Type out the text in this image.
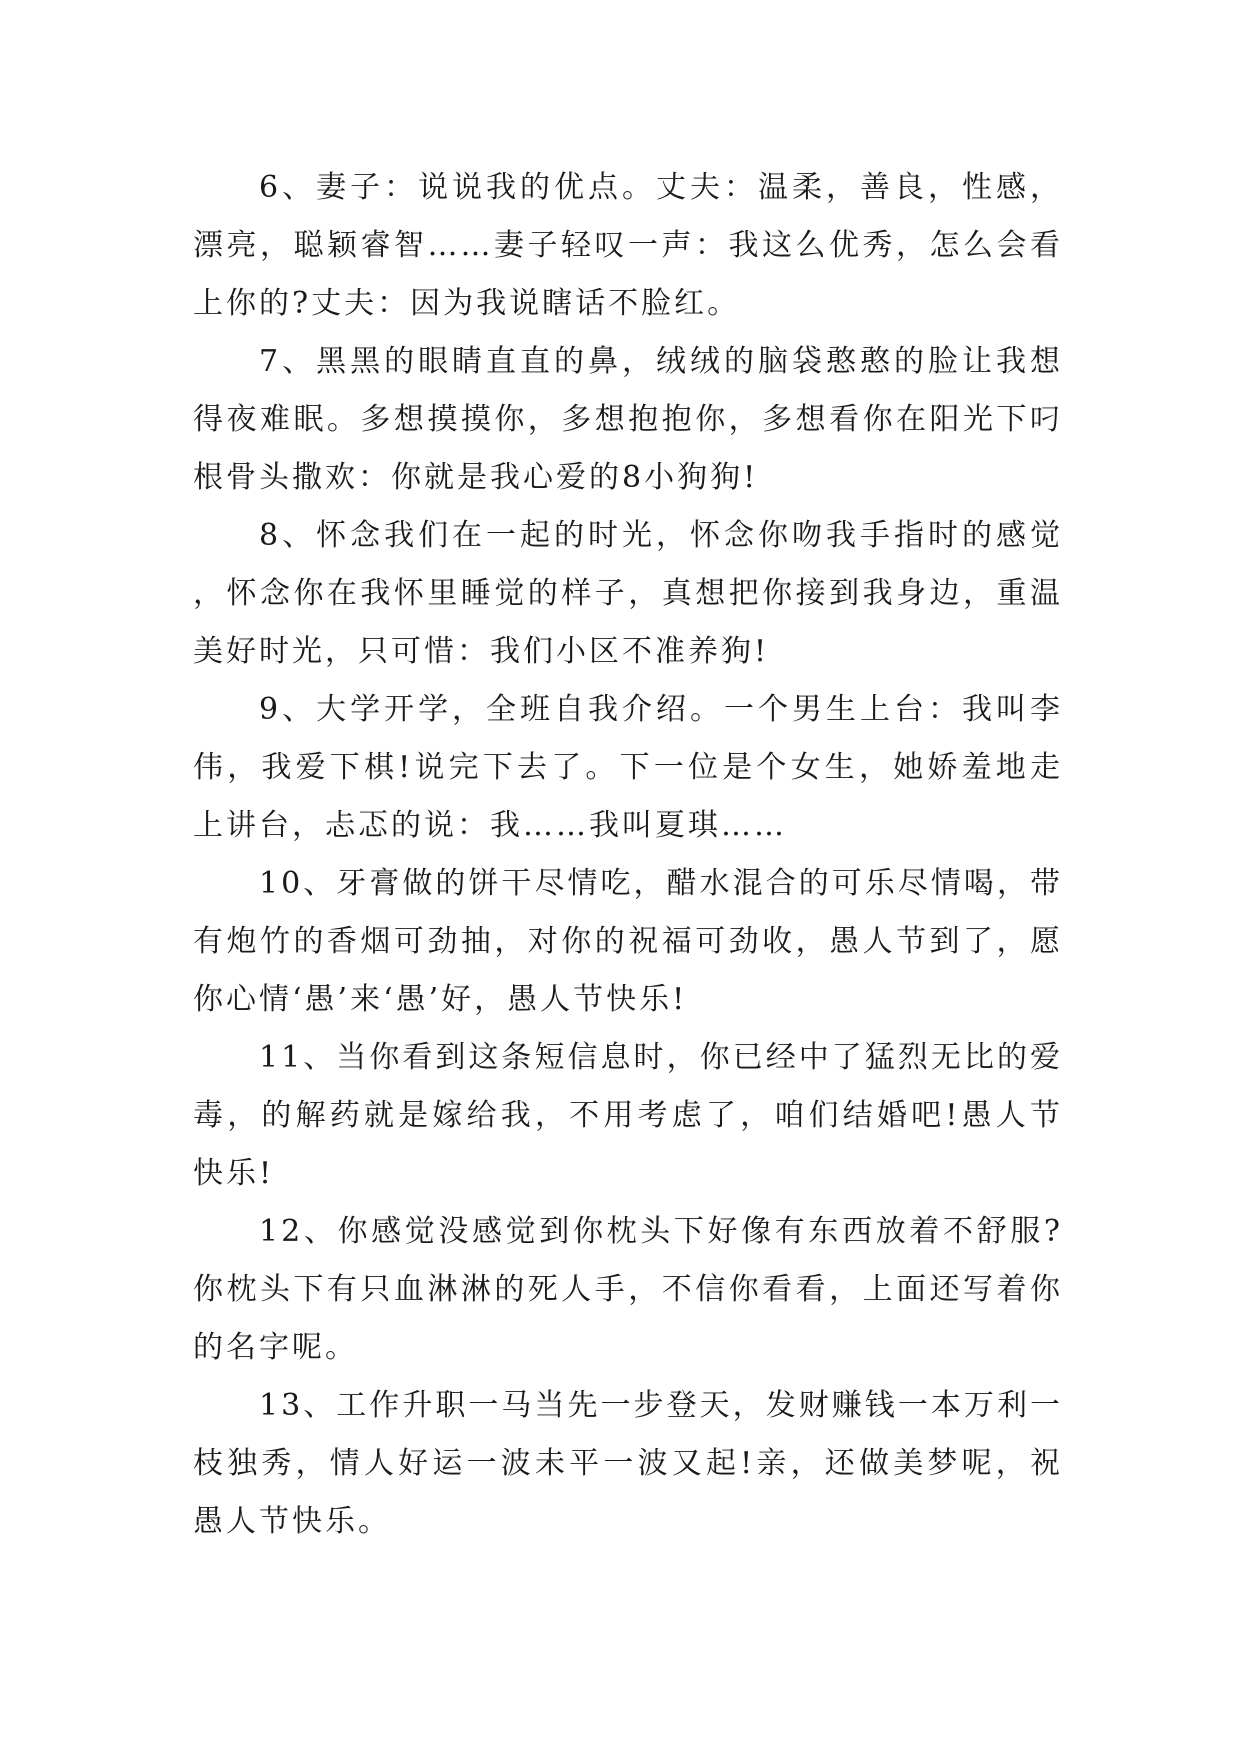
6、妻子：说说我的优点。丈夫：温柔，善良，性感，漂亮，聪颖睿智……妻子轻叹一声：我这么优秀，怎么会看上你的?丈夫：因为我说瞎话不脸红。

7、黑黑的眼睛直直的鼻，绒绒的脑袋憨憨的脸让我想得夜难眠。多想摸摸你，多想抱抱你，多想看你在阳光下叼根骨头撒欢：你就是我心爱的8小狗狗!

8、怀念我们在一起的时光，怀念你吻我手指时的感觉，怀念你在我怀里睡觉的样子，真想把你接到我身边，重温美好时光，只可惜：我们小区不准养狗!

9、大学开学，全班自我介绍。一个男生上台：我叫李伟，我爱下棋!说完下去了。下一位是个女生，她娇羞地走上讲台，忐忑的说：我……我叫夏琪……

10、牙膏做的饼干尽情吃，醋水混合的可乐尽情喝，带有炮竹的香烟可劲抽，对你的祝福可劲收，愚人节到了，愿你心情‘愚’来‘愚’好，愚人节快乐!

11、当你看到这条短信息时，你已经中了猛烈无比的爱毒，的解药就是嫁给我，不用考虑了，咱们结婚吧!愚人节快乐!

12、你感觉没感觉到你枕头下好像有东西放着不舒服?你枕头下有只血淋淋的死人手，不信你看看，上面还写着你的名字呢。

13、工作升职一马当先一步登天，发财赚钱一本万利一枝独秀，情人好运一波未平一波又起!亲，还做美梦呢，祝愚人节快乐。
